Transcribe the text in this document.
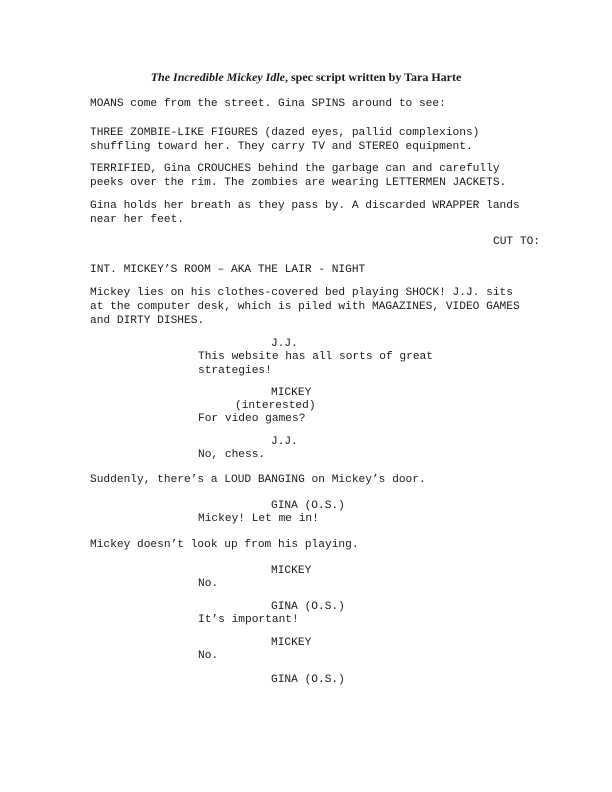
The Incredible Mickey Idle, spec script written by Tara Harte

MOANS come from the street. Gina SPINS around to see:

THREE ZOMBIE-LIKE FIGURES (dazed eyes, pallid complexions)
shuffling toward her. They carry TV and STEREO equipment.

TERRIFIED, Gina CROUCHES behind the garbage can and carefully
peeks over the rim. The zombies are wearing LETTERMEN JACKETS.

Gina holds her breath as they pass by. A discarded WRAPPER lands
near her feet.

CUT TO:

INT. MICKEY’S ROOM – AKA THE LAIR - NIGHT

Mickey lies on his clothes-covered bed playing SHOCK! J.J. sits
at the computer desk, which is piled with MAGAZINES, VIDEO GAMES
and DIRTY DISHES.

J.J.

This website has all sorts of great
strategies!

MICKEY

(interested)

For video games?

J.J.

No, chess.

Suddenly, there’s a LOUD BANGING on Mickey’s door.

GINA (O.S.)

Mickey! Let me in!

Mickey doesn’t look up from his playing.

MICKEY

No.

GINA (O.S.)

It’s important!

MICKEY

No.

GINA (O.S.)
